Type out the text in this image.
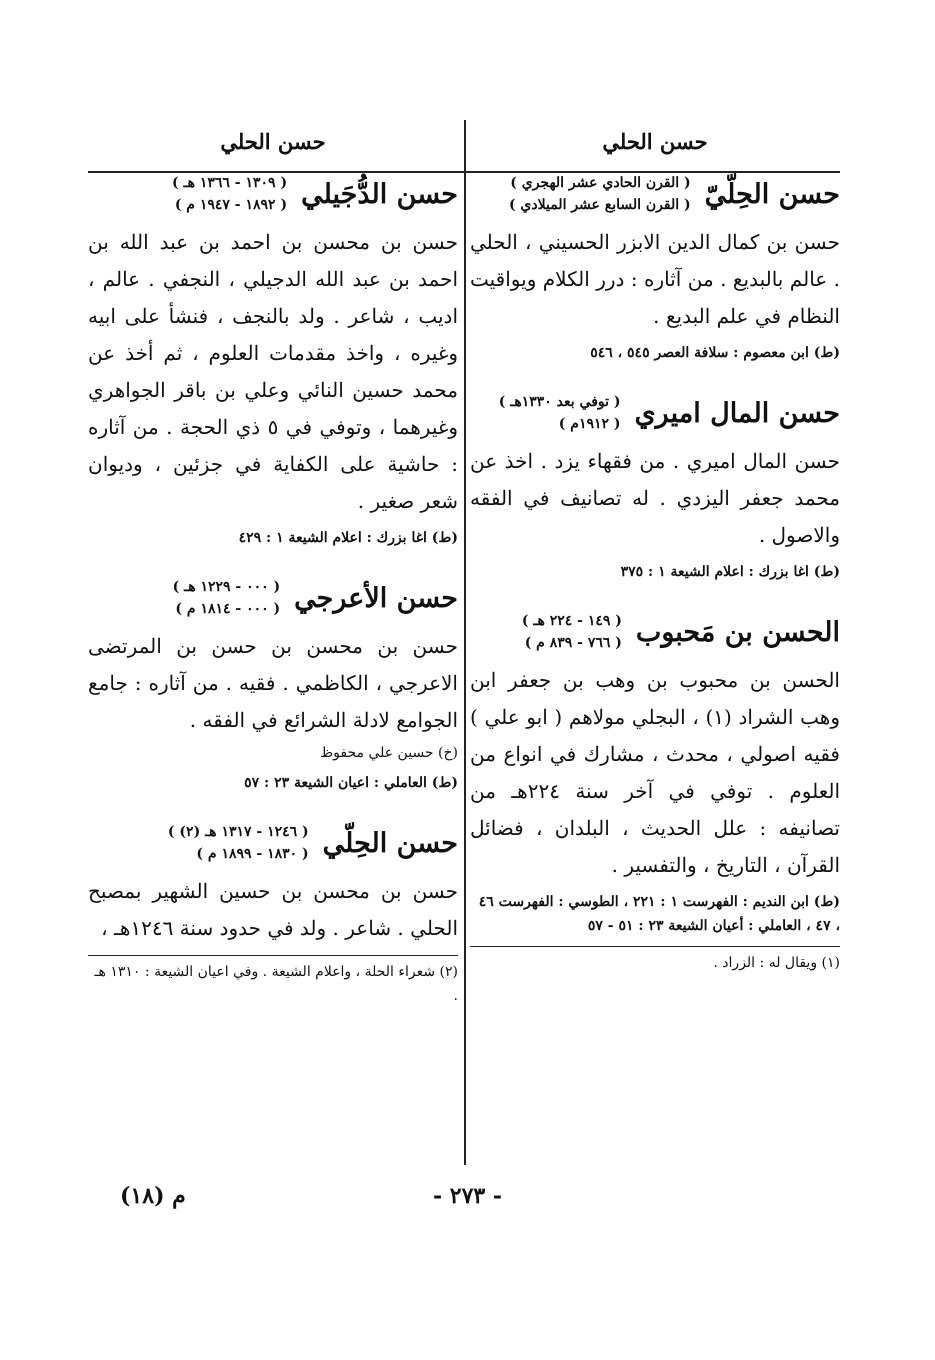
حسن الحلي
حسن الحِلّيّ
( القرن الحادي عشر الهجري )
( القرن السابع عشر الميلادي )
حسن بن كمال الدين الابزر الحسيني ، الحلي . عالم بالبديع . من آثاره : درر الكلام ويواقيت النظام في علم البديع .
(ط) ابن معصوم : سلافة العصر ٥٤٥ ، ٥٤٦
حسن المال اميري
( توفي بعد ١٣٣٠هـ )
( ١٩١٢م )
حسن المال اميري . من فقهاء يزد . اخذ عن محمد جعفر اليزدي . له تصانيف في الفقه والاصول .
(ط) اغا بزرك : اعلام الشيعة ١ : ٣٧٥
الحسن بن مَحبوب
( ١٤٩ - ٢٢٤ هـ )
( ٧٦٦ - ٨٣٩ م )
الحسن بن محبوب بن وهب بن جعفر ابن وهب الشراد (١) ، البجلي مولاهم ( ابو علي ) فقيه اصولي ، محدث ، مشارك في انواع من العلوم . توفي في آخر سنة ٢٢٤هـ من تصانيفه : علل الحديث ، البلدان ، فضائل القرآن ، التاريخ ، والتفسير .
(ط) ابن النديم : الفهرست ١ : ٢٢١ ، الطوسي : الفهرست ٤٦ ، ٤٧ ، العاملي : أعيان الشيعة ٢٣ : ٥١ - ٥٧
(١) ويقال له : الزراد .
حسن الحلي
حسن الدُّجَيلي
( ١٣٠٩ - ١٣٦٦ هـ )
( ١٨٩٢ - ١٩٤٧ م )
حسن بن محسن بن احمد بن عبد الله بن احمد بن عبد الله الدجيلي ، النجفي . عالم ، اديب ، شاعر . ولد بالنجف ، فنشأ على ابيه وغيره ، واخذ مقدمات العلوم ، ثم أخذ عن محمد حسين النائي وعلي بن باقر الجواهري وغيرهما ، وتوفي في ٥ ذي الحجة . من آثاره : حاشية على الكفاية في جزئين ، وديوان شعر صغير .
(ط) اغا بزرك : اعلام الشيعة ١ : ٤٢٩
حسن الأعرجي
( ٠٠٠ - ١٢٢٩ هـ )
( ٠٠٠ - ١٨١٤ م )
حسن بن محسن بن حسن بن المرتضى الاعرجي ، الكاظمي . فقيه . من آثاره : جامع الجوامع لادلة الشرائع في الفقه .
(خ) حسين علي محفوظ
(ط) العاملي : اعيان الشيعة ٢٣ : ٥٧
حسن الحِلّي
( ١٢٤٦ - ١٣١٧ هـ (٢) )
( ١٨٣٠ - ١٨٩٩ م )
حسن بن محسن بن حسين الشهير بمصبح الحلي . شاعر . ولد في حدود سنة ١٢٤٦هـ ،
(٢) شعراء الحلة ، واعلام الشيعة . وفي اعيان الشيعة : ١٣١٠ هـ .
- ٢٧٣ -
م (١٨)
